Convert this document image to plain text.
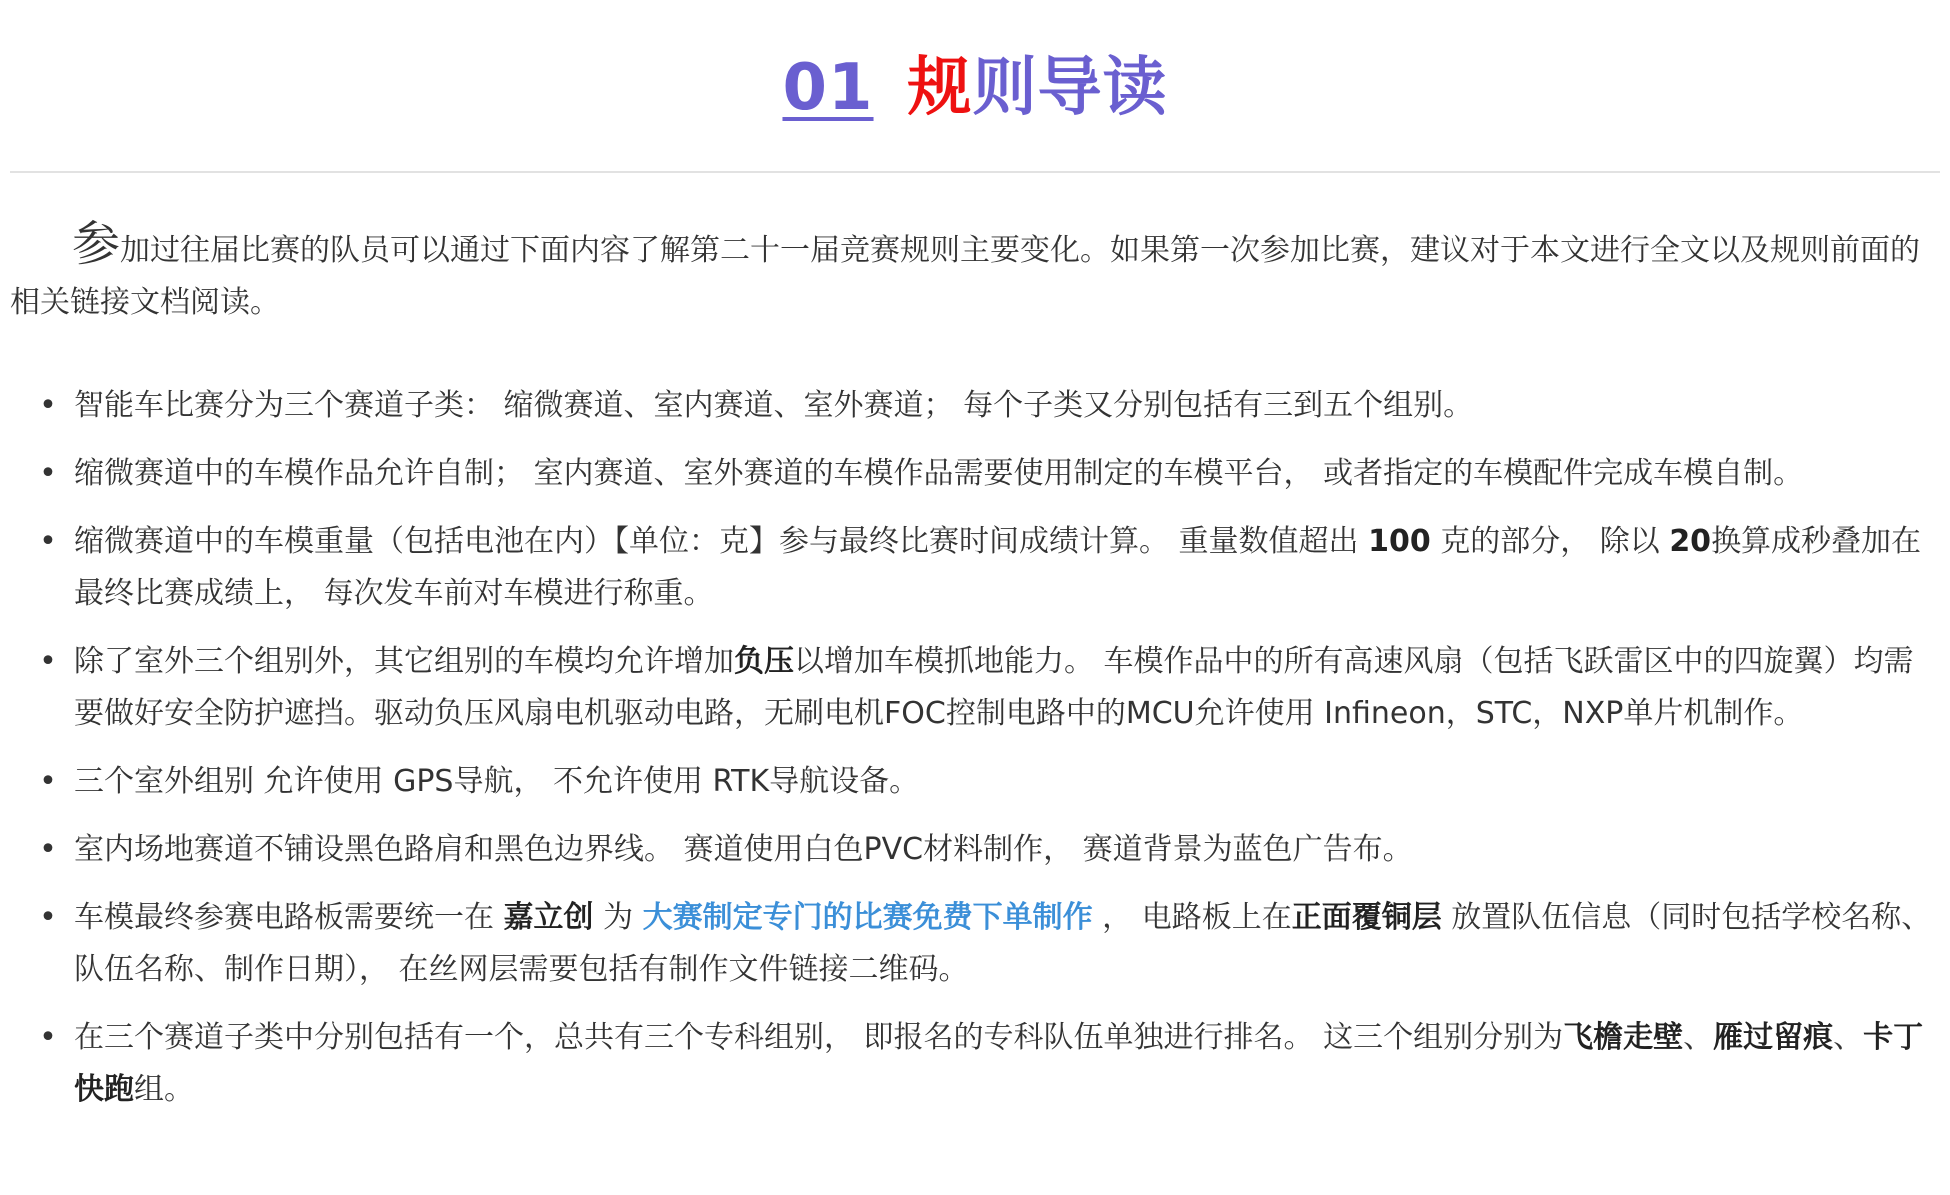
01 规则导读

参加过往届比赛的队员可以通过下面内容了解第二十一届竞赛规则主要变化。如果第一次参加比赛，建议对于本文进行全文以及规则前面的相关链接文档阅读。

• 智能车比赛分为三个赛道子类： 缩微赛道、室内赛道、室外赛道； 每个子类又分别包括有三到五个组别。
• 缩微赛道中的车模作品允许自制； 室内赛道、室外赛道的车模作品需要使用制定的车模平台， 或者指定的车模配件完成车模自制。
• 缩微赛道中的车模重量（包括电池在内）【单位：克】参与最终比赛时间成绩计算。 重量数值超出 100 克的部分， 除以 20换算成秒叠加在最终比赛成绩上， 每次发车前对车模进行称重。
• 除了室外三个组别外，其它组别的车模均允许增加负压以增加车模抓地能力。 车模作品中的所有高速风扇（包括飞跃雷区中的四旋翼）均需要做好安全防护遮挡。驱动负压风扇电机驱动电路，无刷电机FOC控制电路中的MCU允许使用 Infineon，STC，NXP单片机制作。
• 三个室外组别 允许使用 GPS导航， 不允许使用 RTK导航设备。
• 室内场地赛道不铺设黑色路肩和黑色边界线。 赛道使用白色PVC材料制作， 赛道背景为蓝色广告布。
• 车模最终参赛电路板需要统一在 嘉立创 为 大赛制定专门的比赛免费下单制作 ， 电路板上在正面覆铜层 放置队伍信息（同时包括学校名称、队伍名称、制作日期）， 在丝网层需要包括有制作文件链接二维码。
• 在三个赛道子类中分别包括有一个，总共有三个专科组别， 即报名的专科队伍单独进行排名。 这三个组别分别为飞檐走壁、雁过留痕、卡丁快跑组。
